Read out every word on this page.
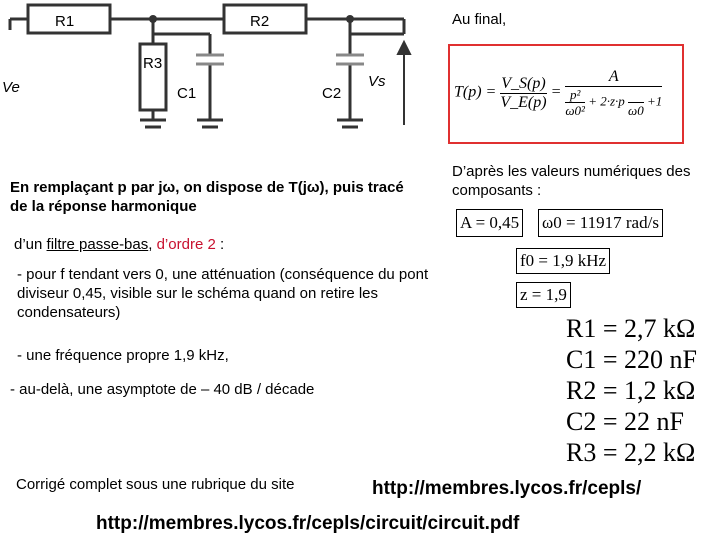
R1	R2
R3
C1	C2
Ve	Vs
Au final,
$T(p) = \frac{V\_S(p)}{V\_E(p)}$ =
A
$\frac{\text{p²}}{\text{ω0²}} + 2\cdot z\cdot p$

ω0
+1
D’après les valeurs numériques des composants :
A = 0,45 ω0 = 11917 rad/s
f0 = 1,9 kHz
z = 1,9
R1 = 2,7 kΩ
C1 = 220 nF
R2 = 1,2 kΩ
C2 = 22 nF
R3 = 2,2 kΩ
En remplaçant p par jω, on dispose de T(jω), puis tracé de la réponse harmonique
d’un filtre passe-bas, d’ordre 2 :
- pour f tendant vers 0, une atténuation (conséquence du pont diviseur 0,45, visible sur le schéma quand on retire les condensateurs)
- une fréquence propre 1,9 kHz,
- au-delà, une asymptote de – 40 dB / décade
Corrigé complet sous une rubrique du site	http://membres.lycos.fr/cepls/
http://membres.lycos.fr/cepls/circuit/circuit.pdf
